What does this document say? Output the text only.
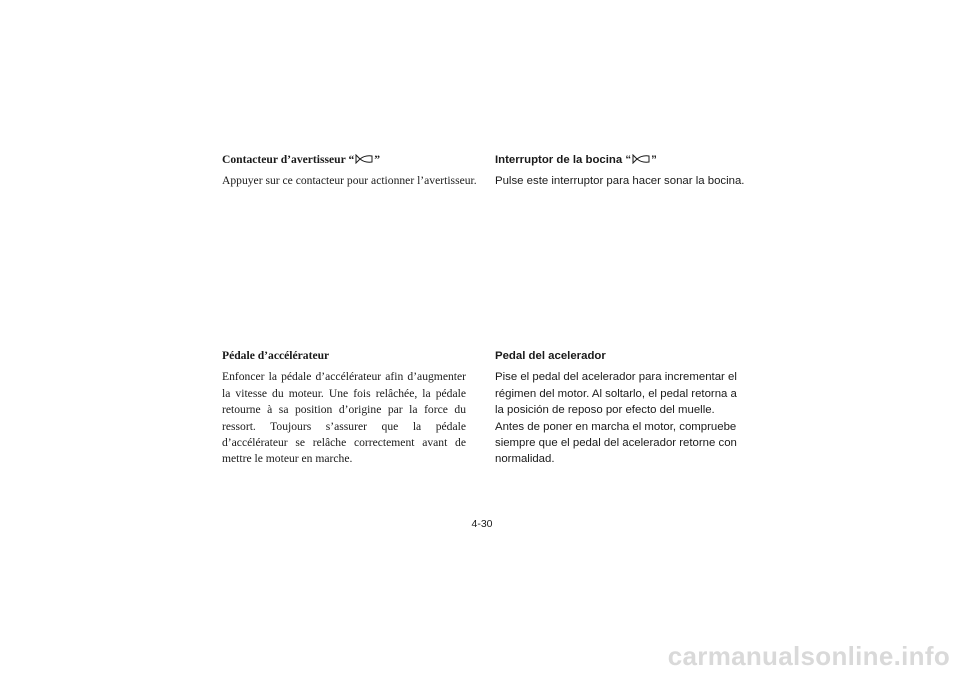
Contacteur d’avertisseur “ ”

Appuyer sur ce contacteur pour actionner l’avertisseur.

Interruptor de la bocina “ ”

Pulse este interruptor para hacer sonar la bocina.

Pédale d’accélérateur

Enfoncer la pédale d’accélérateur afin d’augmenter la vitesse du moteur. Une fois relâchée, la pédale retourne à sa position d’origine par la force du ressort. Toujours s’assurer que la pédale d’accélérateur se relâche correctement avant de mettre le moteur en marche.

Pedal del acelerador

Pise el pedal del acelerador para incrementar el régimen del motor. Al soltarlo, el pedal retorna a la posición de reposo por efecto del muelle. Antes de poner en marcha el motor, compruebe siempre que el pedal del acelerador retorne con normalidad.

4-30
carmanualsonline.info
